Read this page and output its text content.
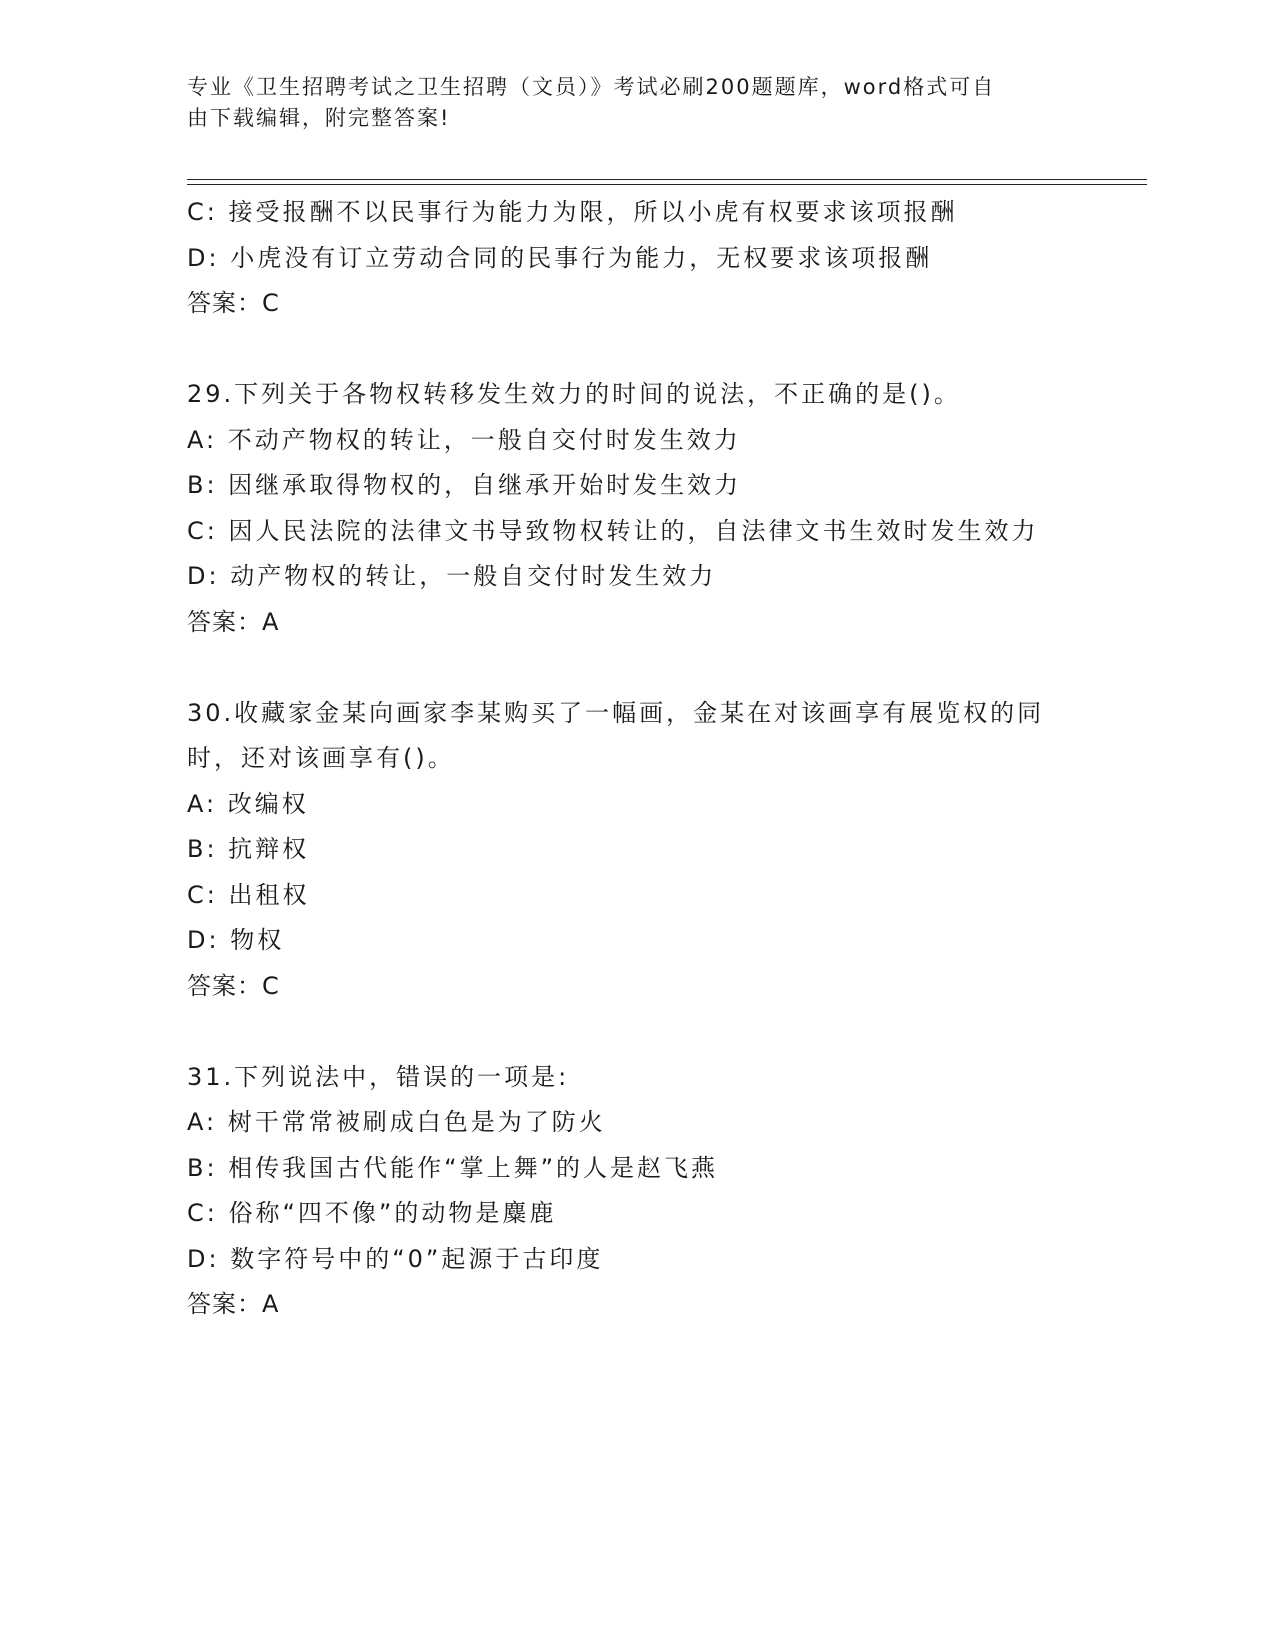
专业《卫生招聘考试之卫生招聘（文员）》考试必刷200题题库，word格式可自

由下载编辑，附完整答案!

C: 接受报酬不以民事行为能力为限，所以小虎有权要求该项报酬

D: 小虎没有订立劳动合同的民事行为能力，无权要求该项报酬

答案：C

29.下列关于各物权转移发生效力的时间的说法，不正确的是()。

A: 不动产物权的转让，一般自交付时发生效力

B: 因继承取得物权的，自继承开始时发生效力

C: 因人民法院的法律文书导致物权转让的，自法律文书生效时发生效力

D: 动产物权的转让，一般自交付时发生效力

答案：A

30.收藏家金某向画家李某购买了一幅画，金某在对该画享有展览权的同时，还对该画享有()。

A: 改编权

B: 抗辩权

C: 出租权

D: 物权

答案：C

31.下列说法中，错误的一项是:

A: 树干常常被刷成白色是为了防火

B: 相传我国古代能作“掌上舞”的人是赵飞燕

C: 俗称“四不像”的动物是麋鹿

D: 数字符号中的“0”起源于古印度

答案：A
